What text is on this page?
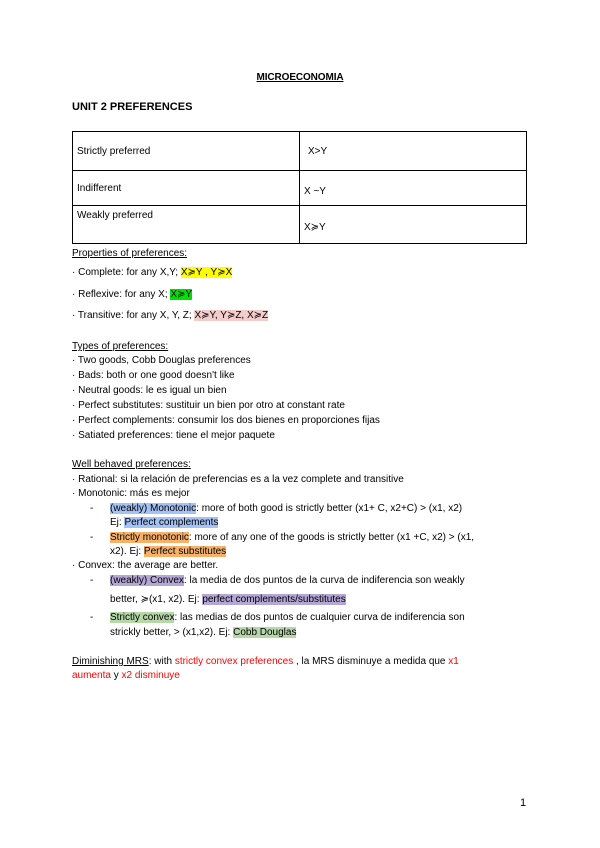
MICROECONOMIA
UNIT 2 PREFERENCES
Strictly preferred	X>Y
Indifferent	X ~Y
Weakly preferred	X≽Y
Properties of preferences:
· Complete: for any X,Y; X≽Y , Y≽X
· Reflexive: for any X; X≽Y
· Transitive: for any X, Y, Z; X≽Y, Y≽Z, X≽Z
Types of preferences:
· Two goods, Cobb Douglas preferences
· Bads: both or one good doesn't like
· Neutral goods: le es igual un bien
· Perfect substitutes: sustituir un bien por otro at constant rate
· Perfect complements: consumir los dos bienes en proporciones fijas
· Satiated preferences: tiene el mejor paquete
Well behaved preferences:
· Rational: si la relación de preferencias es a la vez complete and transitive
· Monotonic: más es mejor
- (weakly) Monotonic: more of both good is strictly better (x1+ C, x2+C) > (x1, x2)
Ej: Perfect complements
- Strictly monotonic: more of any one of the goods is strictly better (x1 +C, x2) > (x1,
x2). Ej: Perfect substitutes
· Convex: the average are better.
- (weakly) Convex: la media de dos puntos de la curva de indiferencia son weakly
better, ≽(x1, x2). Ej: perfect complements/substitutes
- Strictly convex: las medias de dos puntos de cualquier curva de indiferencia son
strickly better, > (x1,x2). Ej: Cobb Douglas
Diminishing MRS: with strictly convex preferences , la MRS disminuye a medida que x1
aumenta y x2 disminuye
1
